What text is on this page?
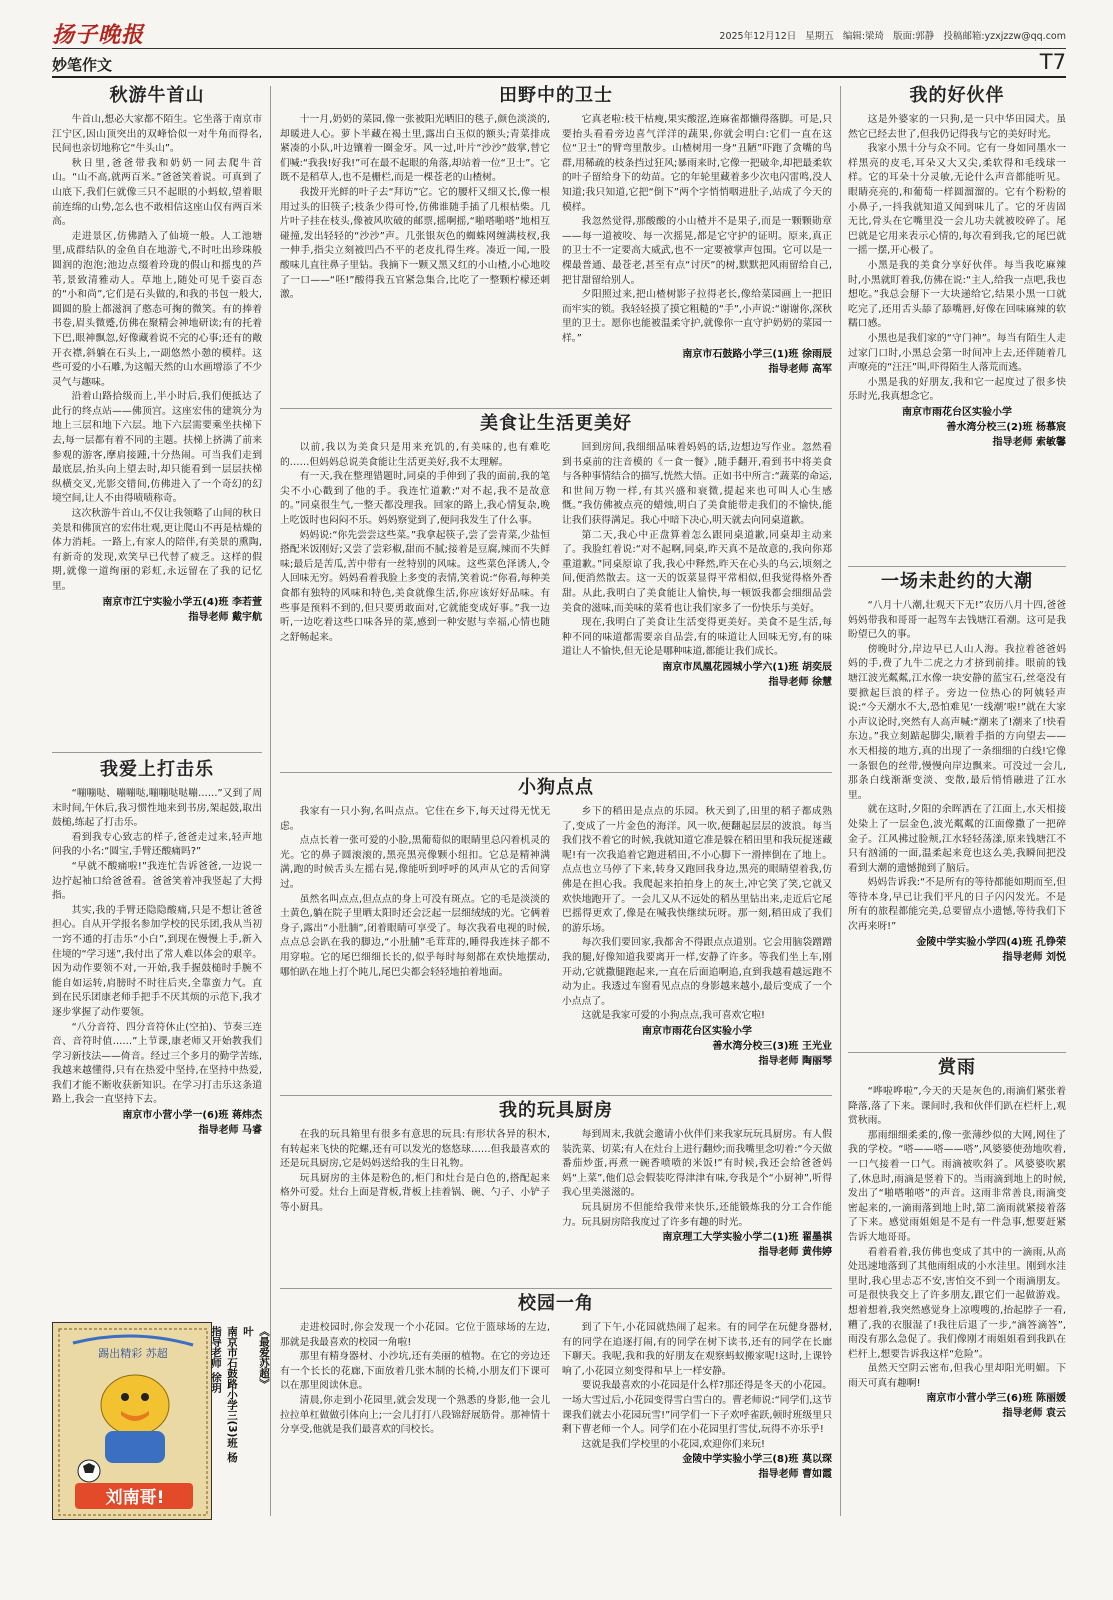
扬子晚报	2025年12月12日 星期五 编辑:梁琦 版面:郭静 投稿邮箱:yzxjzzw@qq.com
妙笔作文	T7
秋游牛首山

牛首山,想必大家都不陌生。它坐落于南京市江宁区,因山顶突出的双峰恰似一对牛角而得名,民间也亲切地称它“牛头山”。

秋日里,爸爸带我和奶奶一同去爬牛首山。“山不高,就两百米。”爸爸笑着说。可真到了山底下,我们仨就像三只不起眼的小蚂蚁,望着眼前连绵的山势,怎么也不敢相信这座山仅有两百米高。

走进景区,仿佛踏入了仙境一般。人工池塘里,成群结队的金鱼自在地游弋,不时吐出珍珠般圆润的泡泡;池边点缀着玲珑的假山和摇曳的芦苇,景致清雅动人。草地上,随处可见千姿百态的“小和尚”,它们是石头做的,和我的书包一般大,圆圆的脸上都滋润了憨态可掬的微笑。有的捧着书卷,眉头微蹙,仿佛在聚精会神地研读;有的托着下巴,眼神飘忽,好像藏着说不完的心事;还有的敞开衣襟,斜躺在石头上,一副悠然小憩的模样。这些可爱的小石雕,为这幅天然的山水画增添了不少灵气与趣味。

沿着山路拾级而上,半小时后,我们便抵达了此行的终点站——佛顶宫。这座宏伟的建筑分为地上三层和地下六层。地下六层需要乘坐扶梯下去,每一层都有着不同的主题。扶梯上挤满了前来参观的游客,摩肩接踵,十分热闹。可当我们走到最底层,抬头向上望去时,却只能看到一层层扶梯纵横交叉,光影交错间,仿佛进入了一个奇幻的幻境空间,让人不由得啧啧称奇。

这次秋游牛首山,不仅让我领略了山间的秋日美景和佛顶宫的宏伟壮观,更让爬山不再是枯燥的体力消耗。一路上,有家人的陪伴,有美景的熏陶,有新奇的发现,欢笑早已代替了疲乏。这样的假期,就像一道绚丽的彩虹,永远留在了我的记忆里。

南京市江宁实验小学五(4)班 李若萱
指导老师 戴宇航
我爱上打击乐

“嘣嘣哒、嘣嘣哒,嘣嘣哒哒嘣……”又到了周末时间,午休后,我习惯性地来到书房,架起鼓,取出鼓槌,练起了打击乐。

看到我专心致志的样子,爸爸走过来,轻声地问我的小名:“圆宝,手臂还酸痛吗?”

“早就不酸痛啦!”我连忙告诉爸爸,一边说一边拧起袖口给爸爸看。爸爸笑着冲我竖起了大拇指。

其实,我的手臂还隐隐酸痛,只是不想让爸爸担心。自从开学报名参加学校的民乐团,我从当初一窍不通的打击乐“小白”,到现在慢慢上手,新入住境的“学习迷”,我付出了常人难以体会的艰辛。因为动作要领不对,一开始,我手握鼓槌时手腕不能自如运转,肩膀时不时往后夹,全靠蛮力气。直到在民乐团康老师手把手不厌其烦的示范下,我才逐步掌握了动作要领。

“八分音符、四分音符休止(空拍)、节奏三连音、音符时值……”上节课,康老师又开始教我们学习新技法——倚音。经过三个多月的勤学苦练,我越来越懂得,只有在热爱中坚持,在坚持中热爱,我们才能不断收获新知识。在学习打击乐这条道路上,我会一直坚持下去。

南京市小营小学一(6)班 蒋炜杰
指导老师 马睿
踢出精彩 苏超
刘南哥!
《最爱苏超》
叶
南京市石鼓路小学三(3)班 杨
指导老师 徐玥
田野中的卫士

十一月,奶奶的菜园,像一张被阳光晒旧的毯子,颜色淡淡的,却暖进人心。萝卜半藏在褐土里,露出白玉似的额头;青菜排成紧凑的小队,叶边镶着一圈金牙。风一过,叶片“沙沙”鼓掌,替它们喊:“我我!好我!”可在最不起眼的角落,却站着一位“卫士”。它既不是稻草人,也不是栅栏,而是一棵苍老的山楂树。

我拨开光鲜的叶子去“拜访”它。它的腰杆又细又长,像一根用过头的旧筷子;枝条少得可怜,仿佛谁随手插了几根枯柴。几片叶子挂在枝头,像被风吹破的邮票,摇啊摇,“啪嗒啪嗒”地相互碰撞,发出轻轻的“沙沙”声。几张银灰色的蜘蛛网缠满枝杈,我一伸手,指尖立刻被凹凸不平的老皮扎得生疼。凑近一闻,一股酸味儿直往鼻子里钻。我摘下一颗又黑又红的小山楂,小心地咬了一口——“呸!”酸得我五官紧急集合,比吃了一整颗柠檬还刺激。

它真老啦:枝干枯瘦,果实酸涩,连麻雀都懒得落脚。可是,只要抬头看看旁边喜气洋洋的蔬果,你就会明白:它们一直在这位“卫士”的臂弯里散步。山楂树用一身“丑陋”吓跑了贪嘴的鸟群,用稀疏的枝条挡过狂风;暴雨来时,它像一把破伞,却把最柔软的叶子留给身下的幼苗。它的年轮里藏着多少次电闪雷鸣,没人知道;我只知道,它把“倒下”两个字悄悄咽进肚子,站成了今天的模样。

我忽然觉得,那酸酸的小山楂并不是果子,而是一颗颗勋章——每一道被咬、每一次摇晃,都是它守护的证明。原来,真正的卫士不一定要高大威武,也不一定要被掌声包围。它可以是一棵最普通、最苍老,甚至有点“讨厌”的树,默默把风雨留给自己,把甘甜留给别人。

夕阳照过来,把山楂树影子拉得老长,像给菜园画上一把旧而牢实的锁。我轻轻摸了摸它粗糙的“手”,小声说:“谢谢你,深秋里的卫士。愿你也能被温柔守护,就像你一直守护奶奶的菜园一样。”

南京市石鼓路小学三(1)班 徐雨辰
指导老师 高军
美食让生活更美好

以前,我以为美食只是用来充饥的,有美味的,也有难吃的……但妈妈总说美食能让生活更美好,我不太理解。

有一天,我在整理错题时,同桌的手伸到了我的面前,我的笔尖不小心戳到了他的手。我连忙道歉:“对不起,我不是故意的。”同桌很生气,一整天都没理我。回家的路上,我心情复杂,晚上吃饭时也闷闷不乐。妈妈察觉到了,便问我发生了什么事。

妈妈说:“你先尝尝这些菜。”我拿起筷子,尝了尝青菜,少盐恒搭配米饭刚好;又尝了尝彩椒,甜而不腻;接着是豆腐,辣而不失鲜味;最后是苦瓜,苦中带有一丝特别的风味。这些菜色泽诱人,令人回味无穷。妈妈看着我脸上多变的表情,笑着说:“你看,每种美食都有独特的风味和特色,美食就像生活,你应该好好品味。有些事是预料不到的,但只要勇敢面对,它就能变成好事。”我一边听,一边吃着这些口味各异的菜,感到一种安慰与幸福,心情也随之舒畅起来。

回到房间,我细细品味着妈妈的话,边想边写作业。忽然看到书桌前的注音模的《一食一餐》,随手翻开,看到书中将美食与各种事情结合的描写,恍然大悟。正如书中所言:“蔬菜的命运,和世间万物一样,有其兴盛和衰微,提起来也可叫人心生感慨。”我仿佛被点亮的蜡烛,明白了美食能带走我们的不愉快,能让我们获得满足。我心中暗下决心,明天就去向同桌道歉。

第二天,我心中正盘算着怎么跟同桌道歉,同桌却主动来了。我脸红着说:“对不起啊,同桌,昨天真不是故意的,我向你郑重道歉。”同桌原谅了我,我心中释然,昨天在心头的乌云,顷刻之间,便消然散去。这一天的饭菜显得平常相似,但我觉得格外香甜。从此,我明白了美食能让人愉快,每一顿饭我都会细细品尝美食的滋味,而美味的菜肴也让我们家多了一份快乐与美好。

现在,我明白了美食让生活变得更美好。美食不是生活,每种不同的味道都需要亲自品尝,有的味道让人回味无穷,有的味道让人不愉快,但无论是哪种味道,都能让我们成长。

南京市凤凰花园城小学六(1)班 胡奕辰
指导老师 徐慧
小狗点点

我家有一只小狗,名叫点点。它住在乡下,每天过得无忧无虑。

点点长着一张可爱的小脸,黑葡萄似的眼睛里总闪着机灵的光。它的鼻子圆滚滚的,黑亮黑亮像颗小纽扣。它总是精神满满,跑的时候舌头左摇右晃,像能听到呼呼的风声从它的舌间穿过。

虽然名叫点点,但点点的身上可没有斑点。它的毛是淡淡的土黄色,躺在院子里晒太阳时还会泛起一层细绒绒的光。它俩着身子,露出“小肚腩”,闭着眼睛可享受了。每次我看电视的时候,点点总会趴在我的脚边,“小肚脯”毛茸茸的,睡得我连抹子都不用穿啦。它的尾巴细细长长的,似乎每时每刻都在欢快地摆动,哪怕趴在地上打个盹儿,尾巴尖都会轻轻地拍着地面。

乡下的稻田是点点的乐园。秋天到了,田里的稻子都成熟了,变成了一片金色的海洋。风一吹,便翻起层层的波浪。每当我们找不着它的时候,我就知道它准是躲在稻田里和我玩捉迷藏呢!有一次我追着它跑进稻田,不小心脚下一滑摔倒在了地上。点点也立马停了下来,转身又跑回我身边,黑亮的眼睛望着我,仿佛是在担心我。我爬起来拍拍身上的灰土,冲它笑了笑,它就又欢快地跑开了。一会儿又从不远处的稻丛里钻出来,走近后它尾巴摇得更欢了,像是在喊我快继续玩呀。那一刻,稻田成了我们的游乐场。

每次我们要回家,我都舍不得跟点点道别。它会用脑袋蹭蹭我的腿,好像知道我要离开一样,安静了许多。等我们坐上车,刚开动,它就撒腿跑起来,一直在后面追啊追,直到我越看越远跑不动为止。我透过车窗看见点点的身影越来越小,最后变成了一个小点点了。

这就是我家可爱的小狗点点,我可喜欢它啦!

南京市雨花台区实验小学
善水湾分校三(3)班 王光业
指导老师 陶丽琴
我的玩具厨房

在我的玩具箱里有很多有意思的玩具:有形状各异的积木,有转起来飞快的陀螺,还有可以发光的悠悠球……但我最喜欢的还是玩具厨房,它是妈妈送给我的生日礼物。

玩具厨房的主体是粉色的,柜门和灶台是白色的,搭配起来格外可爱。灶台上面是背板,背板上挂着锅、碗、勺子、小铲子等小厨具。

每到周末,我就会邀请小伙伴们来我家玩玩具厨房。有人假装洗菜、切菜;有人在灶台上进行翻炒;而我嘴里念叨着:“今天做番茄炒蛋,再煮一碗香喷喷的米饭!”有时候,我还会给爸爸妈妈“上菜”,他们总会假装吃得津津有味,夸我是个“小厨神”,听得我心里美滋滋的。

玩具厨房不但能给我带来快乐,还能锻炼我的分工合作能力。玩具厨房陪我度过了许多有趣的时光。

南京理工大学实验小学二(1)班 翟墨祺
指导老师 黄伟婷
校园一角

走进校园时,你会发现一个小花园。它位于篮球场的左边,那就是我最喜欢的校园一角啦!

那里有精身器材、小沙坑,还有美丽的植物。在它的旁边还有一个长长的花廊,下面放着几张木制的长椅,小朋友们下课可以在那里阅读休息。

清晨,你走到小花园里,就会发现一个熟悉的身影,他一会儿拉拉单杠做做引体向上;一会儿打打八段锦舒展筋骨。那神情十分享受,他就是我们最喜欢的闫校长。

到了下午,小花园就热闹了起来。有的同学在玩健身器材,有的同学在追逐打闹,有的同学在树下读书,还有的同学在长廊下聊天。我呢,我和我的好朋友在观察蚂蚁搬家呢!这时,上课铃响了,小花园立刻变得和早上一样安静。

要说我最喜欢的小花园是什么样?那还得是冬天的小花园。一场大雪过后,小花园变得雪白雪白的。曹老师说:“同学们,这节课我们就去小花园玩雪!”同学们一下子欢呼雀跃,顿时班级里只剩下曹老师一个人。同学们在小花园里打雪仗,玩得不亦乐乎!

这就是我们学校里的小花园,欢迎你们来玩!

金陵中学实验小学三(8)班 莫以琛
指导老师 曹如霞
我的好伙伴

这是外婆家的一只狗,是一只中华田园犬。虽然它已经去世了,但我仍记得我与它的美好时光。

我家小黑十分与众不同。它有一身如同墨水一样黑亮的皮毛,耳朵又大又尖,柔软得和毛线球一样。它的耳朵十分灵敏,无论什么声音都能听见。眼睛亮亮的,和葡萄一样圆溜溜的。它有个粉粉的小鼻子,一抖我就知道又闻到味儿了。它的牙齿固无比,骨头在它嘴里没一会儿功夫就被咬碎了。尾巴就是它用来表示心情的,每次看到我,它的尾巴就一摇一摆,开心极了。

小黑是我的美食分享好伙伴。每当我吃麻辣时,小黑就盯着我,仿佛在说:“主人,给我一点吧,我也想吃。”我总会掰下一大块递给它,结果小黑一口就吃完了,还用舌头舔了舔嘴唇,好像在回味麻辣的软糯口感。

小黑也是我们家的“守门神”。每当有陌生人走过家门口时,小黑总会第一时间冲上去,还伴随着几声嘹亮的“汪汪”叫,吓得陌生人落荒而逃。

小黑是我的好朋友,我和它一起度过了很多快乐时光,我真想念它。

南京市雨花台区实验小学
善水湾分校三(2)班 杨慕宸
指导老师 索敏馨
一场未赴约的大潮

“八月十八潮,壮观天下无!”农历八月十四,爸爸妈妈带我和哥哥一起驾车去钱塘江看潮。这可是我盼望已久的事。

傍晚时分,岸边早已人山人海。我拉着爸爸妈妈的手,费了九牛二虎之力才挤到前排。眼前的钱塘江波光粼粼,江水像一块安静的蓝宝石,丝毫没有要掀起巨浪的样子。旁边一位热心的阿姨轻声说:“今天潮水不大,恐怕难见‘一线潮’啦!”就在大家小声议论时,突然有人高声喊:“潮来了!潮来了!快看东边。”我立刻踮起脚尖,顺着手指的方向望去——水天相接的地方,真的出现了一条细细的白线!它像一条银色的丝带,慢慢向岸边飘来。可没过一会儿,那条白线渐渐变淡、变散,最后悄悄融进了江水里。

就在这时,夕阳的余晖洒在了江面上,水天相接处染上了一层金色,波光粼粼的江面像撒了一把碎金子。江风拂过脸颊,江水轻轻荡漾,原来钱塘江不只有汹涌的一面,温柔起来竟也这么美,我瞬间把没看到大潮的遗憾抛到了脑后。

妈妈告诉我:“不是所有的等待都能如期而至,但等待本身,早已让我们平凡的日子闪闪发光。不是所有的旅程都能完美,总要留点小遗憾,等待我们下次再来呀!”

金陵中学实验小学四(4)班 孔铮荣
指导老师 刘悦
赏雨

“哗啦哗啦”,今天的天是灰色的,雨滴们紧张着降落,落了下来。课间时,我和伙伴们趴在栏杆上,观赏秋雨。

那雨细细柔柔的,像一张薄纱似的大网,网住了我的学校。“嗒——嗒——嗒”,风婆婆使劲地吹着,一口气接着一口气。雨滴被吹斜了。风婆婆吹累了,休息时,雨滴是竖着下的。当雨滴到地上的时候,发出了“啪嗒啪嗒”的声音。这雨非常善良,雨滴变密起来的,一滴雨落到地上时,第二滴雨就紧接着落了下来。感觉雨姐姐是不是有一件急事,想要赶紧告诉大地哥哥。

看着看着,我仿佛也变成了其中的一滴雨,从高处迅速地落到了其他雨组成的小水洼里。刚到水洼里时,我心里忐忑不安,害怕交不到一个雨滴朋友。可是很快我交上了许多朋友,跟它们一起做游戏。想着想着,我突然感觉身上凉嗖嗖的,抬起脖子一看,糟了,我的衣服湿了!我往后退了一步,“滴答滴答”,雨没有那么急促了。我们像刚才雨姐姐看到我趴在栏杆上,想要告诉我这样“危险”。

虽然天空阴云密布,但我心里却阳光明媚。下雨天可真有趣啊!

南京市小营小学三(6)班 陈丽媛
指导老师 袁云
